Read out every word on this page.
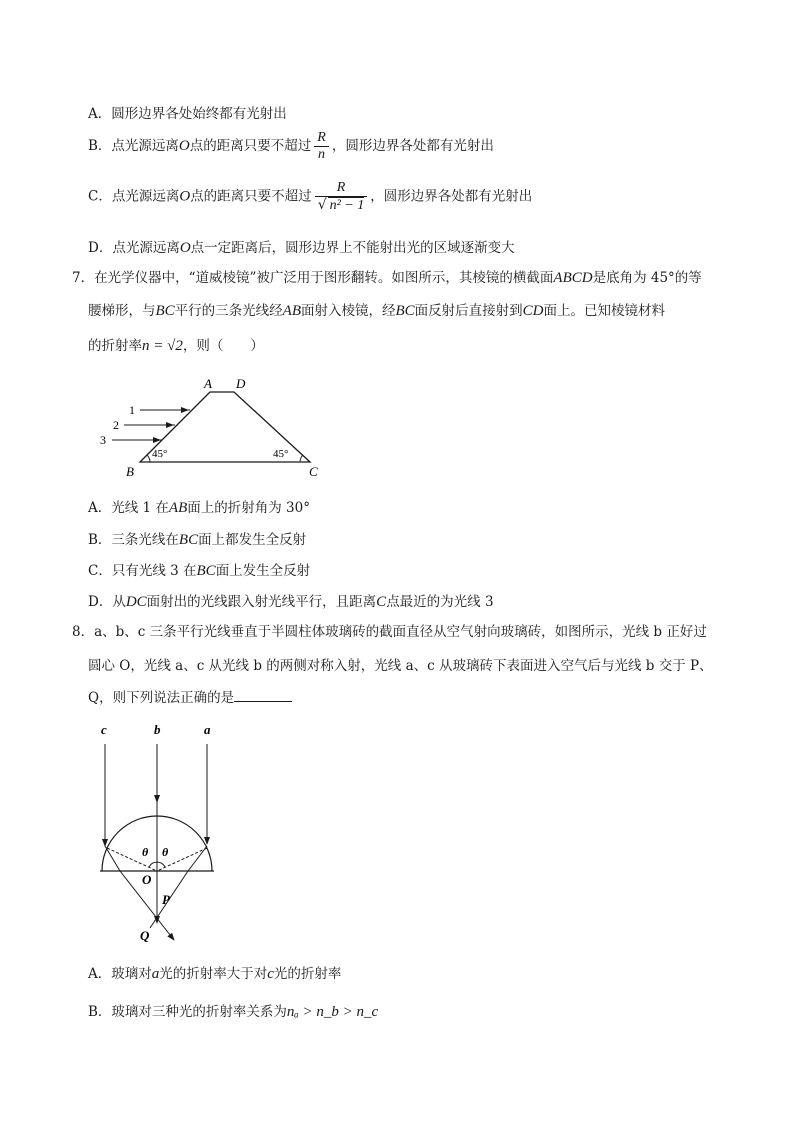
A．圆形边界各处始终都有光射出
B．点光源远离O点的距离只要不超过 $\frac{R}{n}$ ，圆形边界各处都有光射出
C．点光源远离O点的距离只要不超过 $\frac{R}{\text{√ n² − 1}}$ ，圆形边界各处都有光射出
D．点光源远离O点一定距离后，圆形边界上不能射出光的区域逐渐变大
7．在光学仪器中，“道威棱镜”被广泛用于图形翻转。如图所示，其棱镜的横截面ABCD是底角为 45°的等
腰梯形，与BC平行的三条光线经AB面射入棱镜，经BC面反射后直接射到CD面上。已知棱镜材料
的折射率n = √2，则（　　）
A D
B	C
1
2
3
45°	45°
A．光线 1 在AB面上的折射角为 30°
B．三条光线在BC面上都发生全反射
C．只有光线 3 在BC面上发生全反射
D．从DC面射出的光线跟入射光线平行，且距离C点最近的为光线 3
8．a、b、c 三条平行光线垂直于半圆柱体玻璃砖的截面直径从空气射向玻璃砖，如图所示，光线 b 正好过
圆心 O，光线 a、c 从光线 b 的两侧对称入射，光线 a、c 从玻璃砖下表面进入空气后与光线 b 交于 P、
Q，则下列说法正确的是
c	b	a
θ θ
O
P
Q
A．玻璃对a光的折射率大于对c光的折射率
B．玻璃对三种光的折射率关系为nₐ > n_b > n_c
